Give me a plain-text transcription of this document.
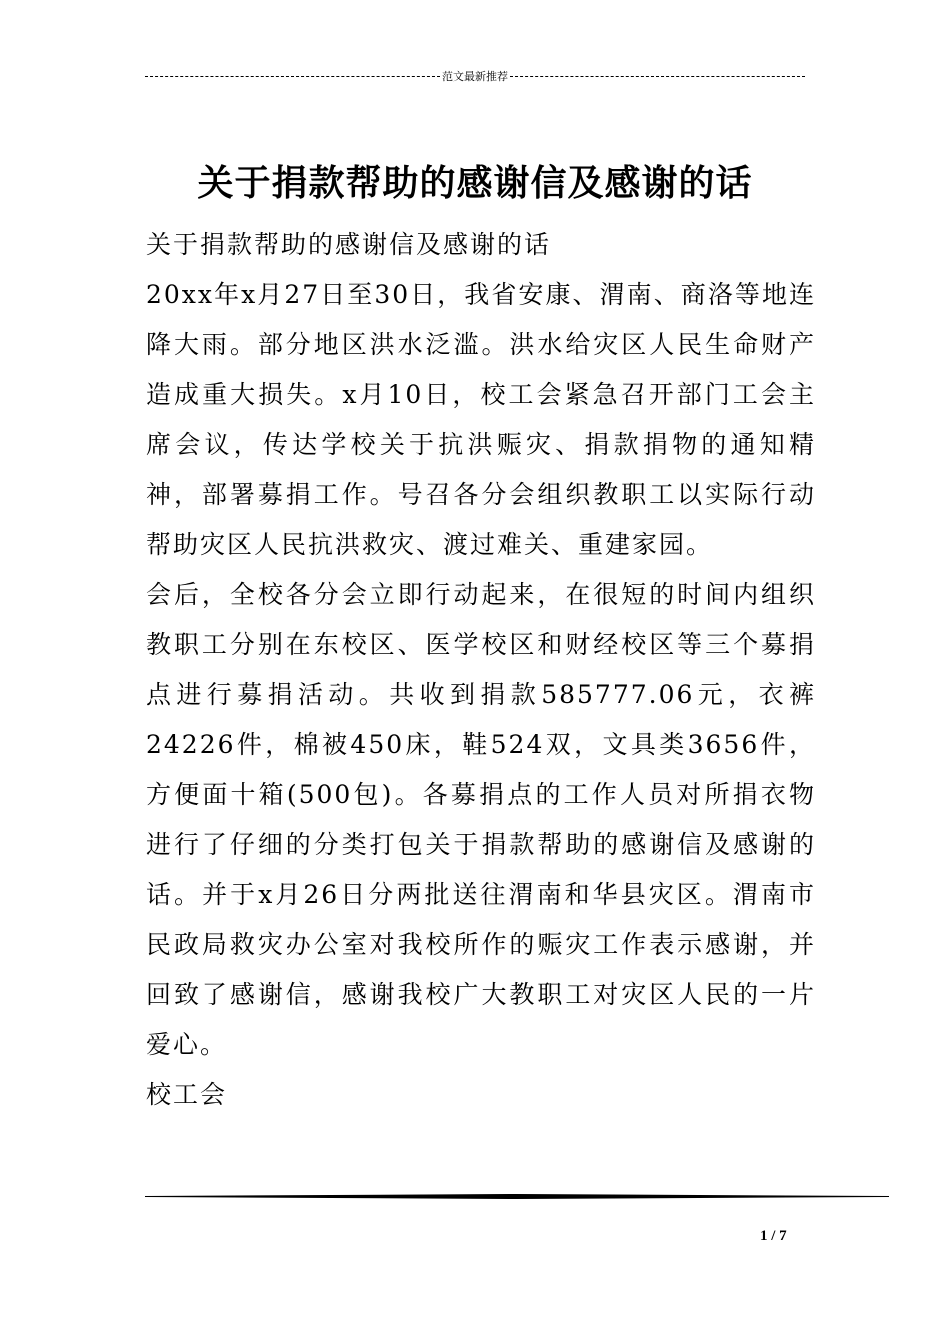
范文最新推荐
关于捐款帮助的感谢信及感谢的话

关于捐款帮助的感谢信及感谢的话

20xx年x月27日至30日，我省安康、渭南、商洛等地连降大雨。部分地区洪水泛滥。洪水给灾区人民生命财产造成重大损失。x月10日，校工会紧急召开部门工会主席会议，传达学校关于抗洪赈灾、捐款捐物的通知精神，部署募捐工作。号召各分会组织教职工以实际行动帮助灾区人民抗洪救灾、渡过难关、重建家园。

会后，全校各分会立即行动起来，在很短的时间内组织教职工分别在东校区、医学校区和财经校区等三个募捐点进行募捐活动。共收到捐款585777.06元，衣裤24226件，棉被450床，鞋524双，文具类3656件，方便面十箱(500包)。各募捐点的工作人员对所捐衣物进行了仔细的分类打包关于捐款帮助的感谢信及感谢的话。并于x月26日分两批送往渭南和华县灾区。渭南市民政局救灾办公室对我校所作的赈灾工作表示感谢，并回致了感谢信，感谢我校广大教职工对灾区人民的一片爱心。

校工会

1 / 7
